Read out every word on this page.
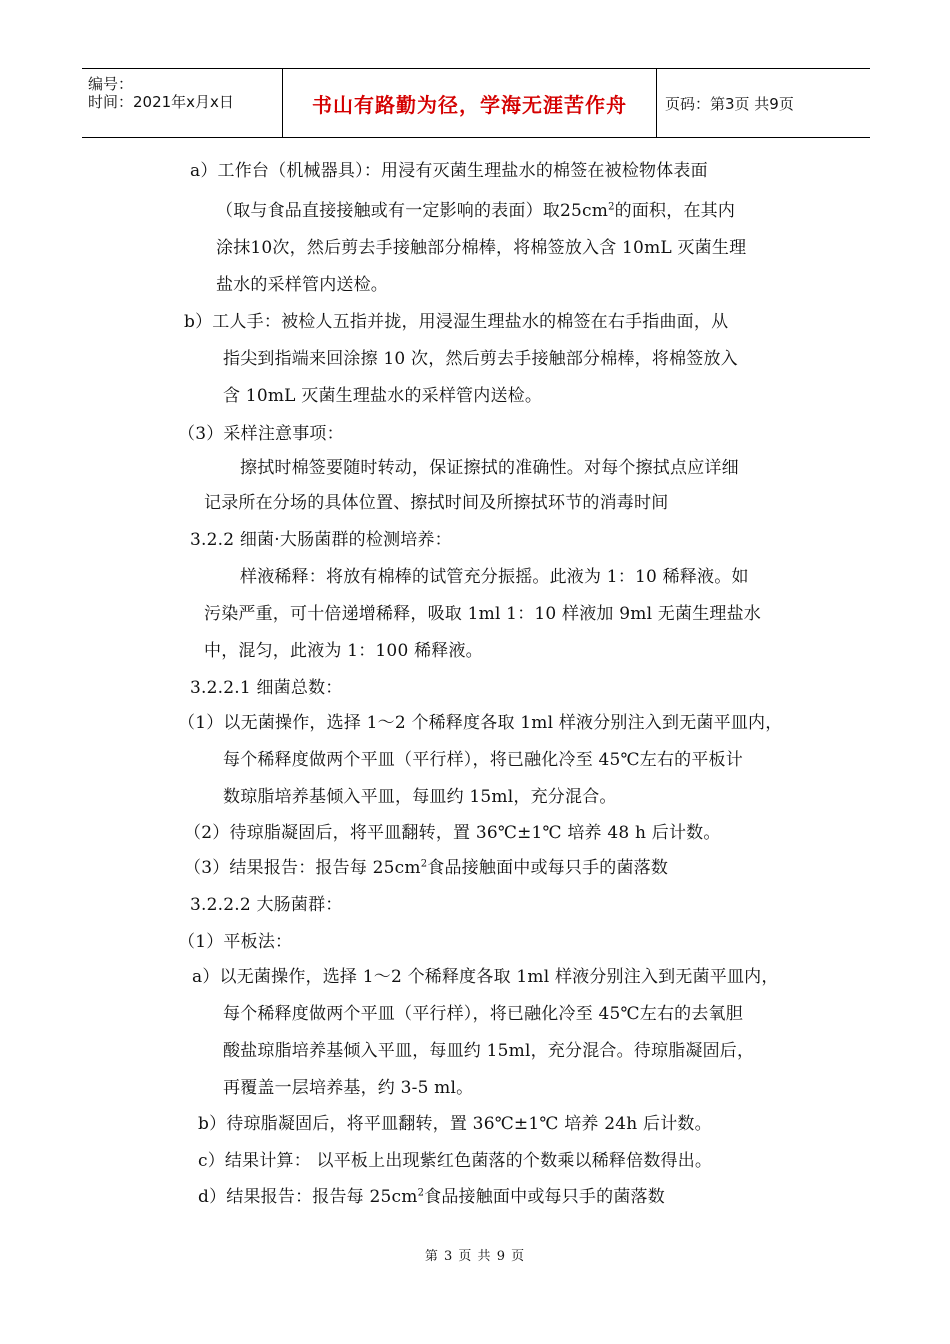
编号：
时间：2021年x月x日	书山有路勤为径，学海无涯苦作舟	页码：第3页 共9页
a）工作台（机械器具）：用浸有灭菌生理盐水的棉签在被检物体表面
（取与食品直接接触或有一定影响的表面）取$25cm^2$的面积，在其内
涂抹10次，然后剪去手接触部分棉棒，将棉签放入含 10mL 灭菌生理
盐水的采样管内送检。
b）工人手：被检人五指并拢，用浸湿生理盐水的棉签在右手指曲面，从
指尖到指端来回涂擦 10 次，然后剪去手接触部分棉棒，将棉签放入
含 10mL 灭菌生理盐水的采样管内送检。
（3）采样注意事项：
擦拭时棉签要随时转动，保证擦拭的准确性。对每个擦拭点应详细
记录所在分场的具体位置、擦拭时间及所擦拭环节的消毒时间
3.2.2 细菌·大肠菌群的检测培养：
样液稀释：将放有棉棒的试管充分振摇。此液为 1：10 稀释液。如
污染严重，可十倍递增稀释，吸取 1ml 1：10 样液加 9ml 无菌生理盐水
中，混匀，此液为 1：100 稀释液。
3.2.2.1 细菌总数：
（1）以无菌操作，选择 1～2 个稀释度各取 1ml 样液分别注入到无菌平皿内，
每个稀释度做两个平皿（平行样），将已融化冷至 45℃左右的平板计
数琼脂培养基倾入平皿，每皿约 15ml，充分混合。
（2）待琼脂凝固后，将平皿翻转，置 36℃±1℃ 培养 48 h 后计数。
（3）结果报告：报告每 $25cm^2$食品接触面中或每只手的菌落数
3.2.2.2 大肠菌群：
（1）平板法：
a）以无菌操作，选择 1～2 个稀释度各取 1ml 样液分别注入到无菌平皿内，
每个稀释度做两个平皿（平行样），将已融化冷至 45℃左右的去氧胆
酸盐琼脂培养基倾入平皿，每皿约 15ml，充分混合。待琼脂凝固后，
再覆盖一层培养基，约 3-5 ml。
b）待琼脂凝固后，将平皿翻转，置 36℃±1℃ 培养 24h 后计数。
c）结果计算： 以平板上出现紫红色菌落的个数乘以稀释倍数得出。
d）结果报告：报告每 $25cm^2$食品接触面中或每只手的菌落数
第 3 页 共 9 页
